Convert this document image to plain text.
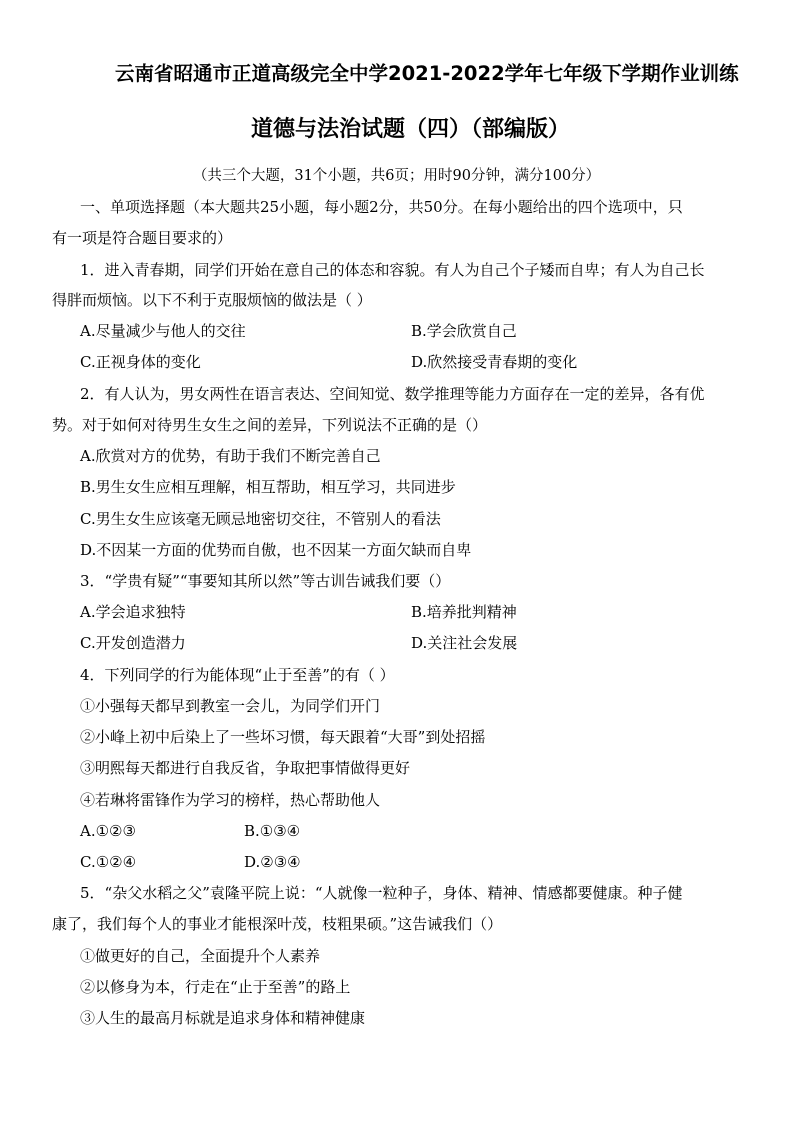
云南省昭通市正道高级完全中学2021-2022学年七年级下学期作业训练
道德与法治试题（四）（部编版）
（共三个大题，31个小题，共6页；用时90分钟，满分100分）
一、单项选择题（本大题共25小题，每小题2分，共50分。在每小题给出的四个选项中，只
有一项是符合题目要求的）
1．进入青春期，同学们开始在意自己的体态和容貌。有人为自己个子矮而自卑；有人为自己长
得胖而烦恼。以下不利于克服烦恼的做法是（ ）
A.尽量减少与他人的交往	B.学会欣赏自己
C.正视身体的变化	D.欣然接受青春期的变化
2．有人认为，男女两性在语言表达、空间知觉、数学推理等能力方面存在一定的差异，各有优
势。对于如何对待男生女生之间的差异，下列说法不正确的是（）
A.欣赏对方的优势，有助于我们不断完善自己
B.男生女生应相互理解，相互帮助，相互学习，共同进步
C.男生女生应该毫无顾忌地密切交往，不管别人的看法
D.不因某一方面的优势而自傲，也不因某一方面欠缺而自卑
3．“学贵有疑”“事要知其所以然”等古训告诫我们要（）
A.学会追求独特	B.培养批判精神
C.开发创造潜力	D.关注社会发展
4．下列同学的行为能体现“止于至善”的有（ ）
①小强每天都早到教室一会儿，为同学们开门
②小峰上初中后染上了一些坏习惯，每天跟着“大哥”到处招摇
③明熙每天都进行自我反省，争取把事情做得更好
④若琳将雷锋作为学习的榜样，热心帮助他人
A.①②③	B.①③④
C.①②④	D.②③④
5．“杂父水稻之父”袁隆平院上说：“人就像一粒种子，身体、精神、情感都要健康。种子健
康了，我们每个人的事业才能根深叶茂，枝粗果硕。”这告诫我们（）
①做更好的自己，全面提升个人素养
②以修身为本，行走在“止于至善”的路上
③人生的最高月标就是追求身体和精神健康
